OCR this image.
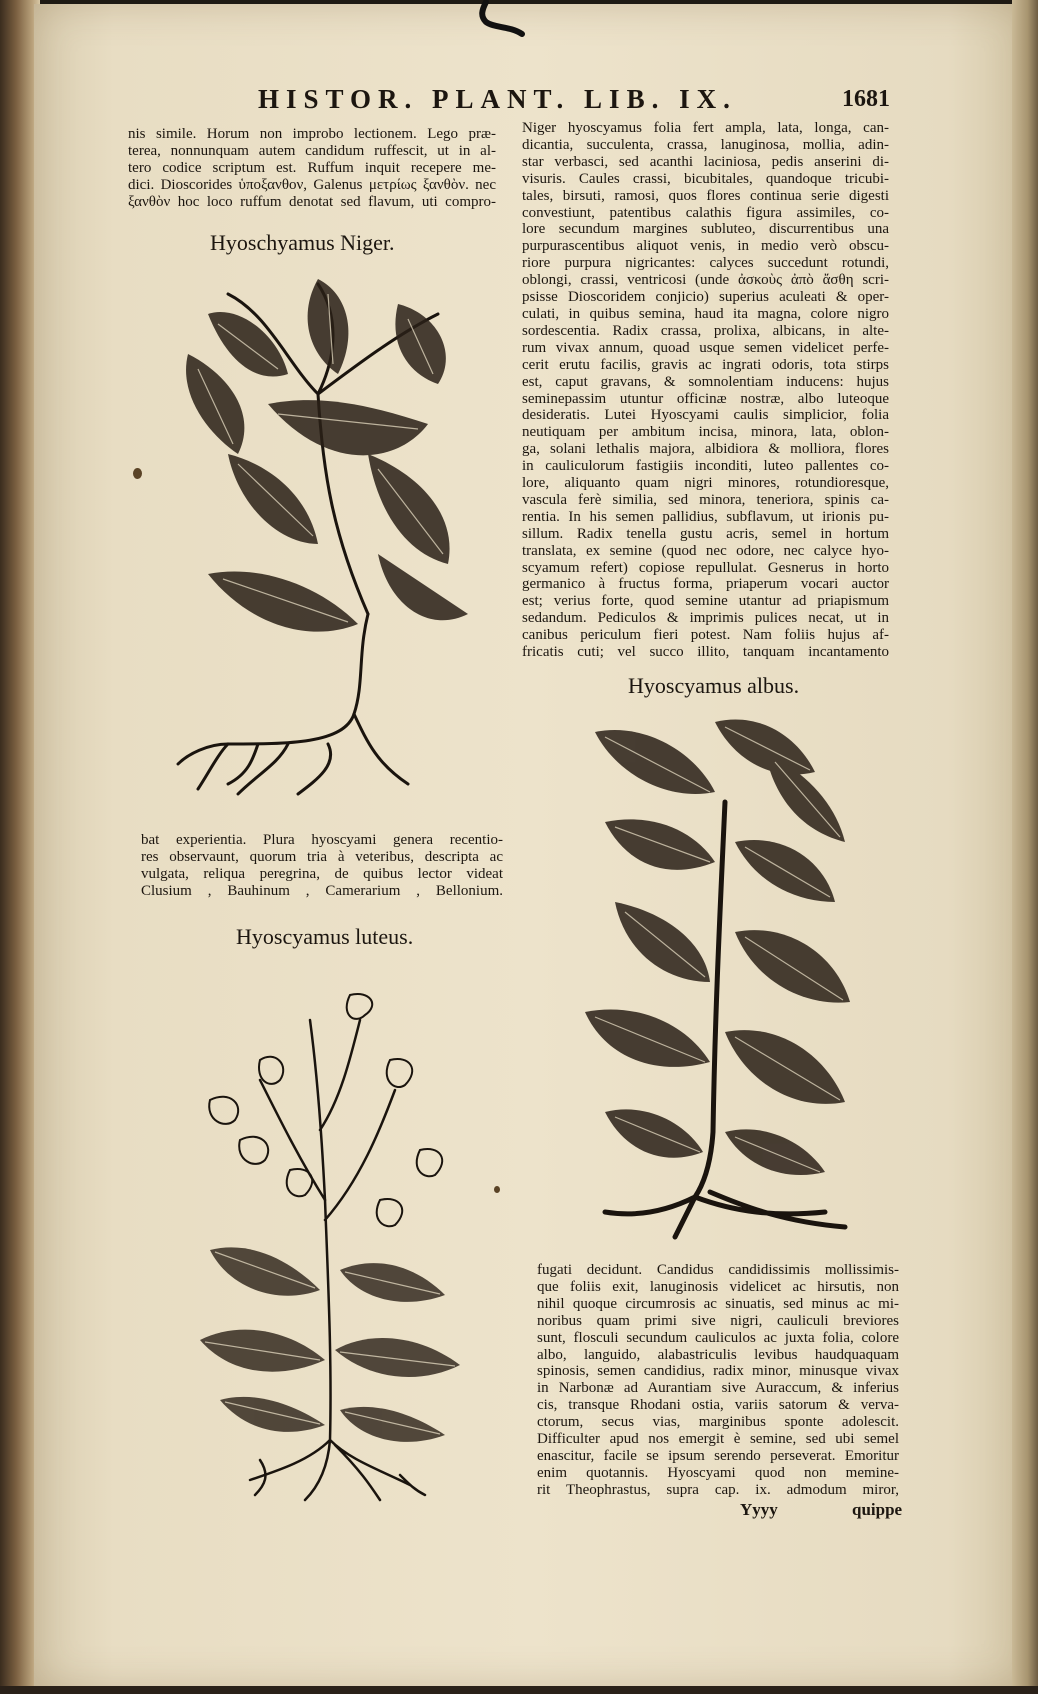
HISTOR. PLANT. LIB. IX.	1681
nis simile. Horum non improbo lectionem. Lego præ-
terea, nonnunquam autem candidum ruffescit, ut in al-
tero codice scriptum est. Ruffum inquit recepere me-
dici. Dioscorides ὑποξανθον, Galenus μετρίως ξανθὸν. nec
ξανθὸν hoc loco ruffum denotat sed flavum, uti compro-
Hyoschyamus Niger.
Niger hyoscyamus folia fert ampla, lata, longa, can-
dicantia, succulenta, crassa, lanuginosa, mollia, adin-
star verbasci, sed acanthi laciniosa, pedis anserini di-
visuris. Caules crassi, bicubitales, quandoque tricubi-
tales, birsuti, ramosi, quos flores continua serie digesti
convestiunt, patentibus calathis figura assimiles, co-
lore secundum margines subluteo, discurrentibus una
purpurascentibus aliquot venis, in medio verò obscu-
riore purpura nigricantes: calyces succedunt rotundi,
oblongi, crassi, ventricosi (unde ἀσκοὺς ἀπὸ ἄσθη scri-
psisse Dioscoridem conjicio) superius aculeati & oper-
culati, in quibus semina, haud ita magna, colore nigro
sordescentia. Radix crassa, prolixa, albicans, in alte-
rum vivax annum, quoad usque semen videlicet perfe-
cerit erutu facilis, gravis ac ingrati odoris, tota stirps
est, caput gravans, & somnolentiam inducens: hujus
seminepassim utuntur officinæ nostræ, albo luteoque
desideratis. Lutei Hyoscyami caulis simplicior, folia
neutiquam per ambitum incisa, minora, lata, oblon-
ga, solani lethalis majora, albidiora & molliora, flores
in cauliculorum fastigiis inconditi, luteo pallentes co-
lore, aliquanto quam nigri minores, rotundioresque,
vascula ferè similia, sed minora, teneriora, spinis ca-
rentia. In his semen pallidius, subflavum, ut irionis pu-
sillum. Radix tenella gustu acris, semel in hortum
translata, ex semine (quod nec odore, nec calyce hyo-
scyamum refert) copiose repullulat. Gesnerus in horto
germanico à fructus forma, priaperum vocari auctor
est; verius forte, quod semine utantur ad priapismum
sedandum. Pediculos & imprimis pulices necat, ut in
canibus periculum fieri potest. Nam foliis hujus af-
fricatis cuti; vel succo illito, tanquam incantamento
Hyoscyamus albus.
bat experientia. Plura hyoscyami genera recentio-
res observaunt, quorum tria à veteribus, descripta ac
vulgata, reliqua peregrina, de quibus lector videat
Clusium , Bauhinum , Camerarium , Bellonium.
Hyoscyamus luteus.
fugati decidunt. Candidus candidissimis mollissimis-
que foliis exit, lanuginosis videlicet ac hirsutis, non
nihil quoque circumrosis ac sinuatis, sed minus ac mi-
noribus quam primi sive nigri, cauliculi breviores
sunt, flosculi secundum cauliculos ac juxta folia, colore
albo, languido, alabastriculis levibus haudquaquam
spinosis, semen candidius, radix minor, minusque vivax
in Narbonæ ad Aurantiam sive Auraccum, & inferius
cis, transque Rhodani ostia, variis satorum & verva-
ctorum, secus vias, marginibus sponte adolescit.
Difficulter apud nos emergit è semine, sed ubi semel
enascitur, facile se ipsum serendo perseverat. Emoritur
enim quotannis. Hyoscyami quod non memine-
rit Theophrastus, supra cap. ix. admodum miror,
Yyyy	quippe
